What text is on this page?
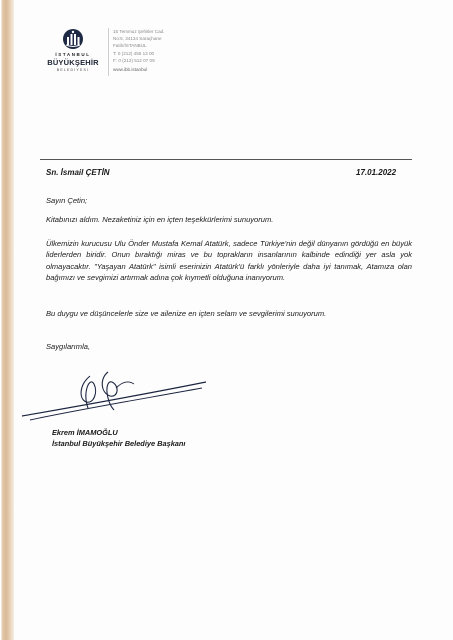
İSTANBUL
BÜYÜKŞEHİR
BELEDİYESİ
15 Temmuz Şehitler Cad.
No:5, 34134 Saraçhane
Fatih/İSTANBUL
T: 0 (212) 455 13 00
F: 0 (212) 512 07 09
www.ibb.istanbul
Sn. İsmail ÇETİN	17.01.2022

Sayın Çetin;

Kitabınızı aldım. Nezaketiniz için en içten teşekkürlerimi sunuyorum.

Ülkemizin kurucusu Ulu Önder Mustafa Kemal Atatürk, sadece Türkiye'nin değil dünyanın gördüğü en büyük liderlerden biridir. Onun bıraktığı miras ve bu toprakların insanlarının kalbinde edindiği yer asla yok olmayacaktır. "Yaşayan Atatürk" isimli eserinizin Atatürk'ü farklı yönleriyle daha iyi tanımak, Atamıza olan bağımızı ve sevgimizi artırmak adına çok kıymetli olduğuna inanıyorum.

Bu duygu ve düşüncelerle size ve ailenize en içten selam ve sevgilerimi sunuyorum.

Saygılarımla,

Ekrem İMAMOĞLU
İstanbul Büyükşehir Belediye Başkanı
